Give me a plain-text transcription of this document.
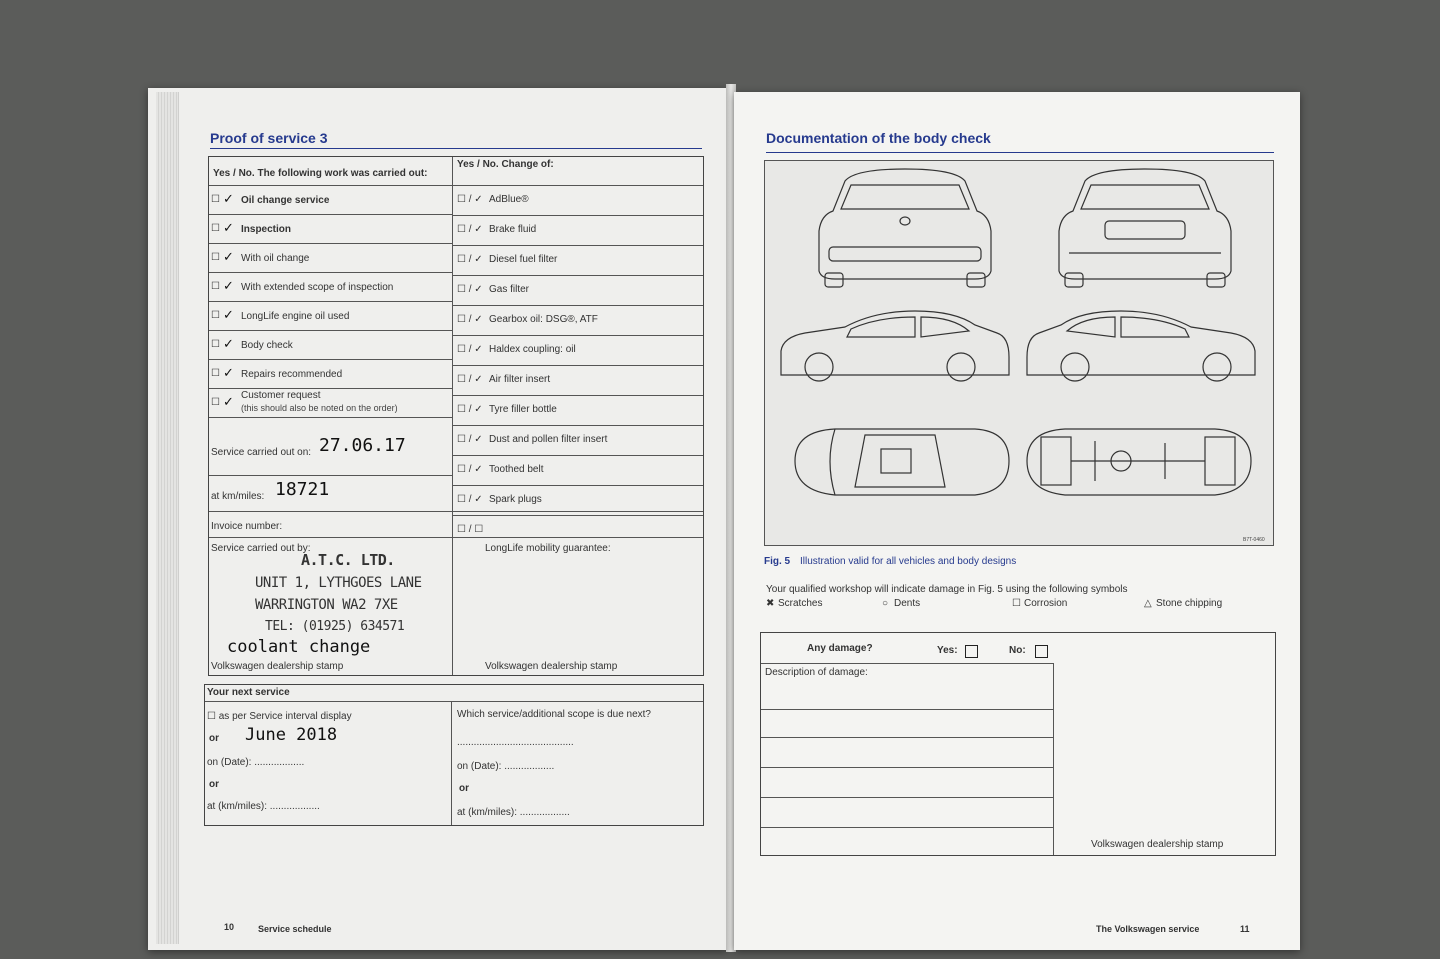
Proof of service 3
Yes / No. The following work was carried out:
Yes / No. Change of:
☐ ✓ Oil change service
☐ ✓ Inspection
☐ ✓ With oil change
☐ ✓ With extended scope of inspection
☐ ✓ LongLife engine oil used
☐ ✓ Body check
☐ ✓ Repairs recommended
☐ ✓ Customer request
(this should also be noted on the order)
☐ / ✓ AdBlue®
☐ / ✓ Brake fluid
☐ / ✓ Diesel fuel filter
☐ / ✓ Gas filter
☐ / ✓ Gearbox oil: DSG®, ATF
☐ / ✓ Haldex coupling: oil
☐ / ✓ Air filter insert
☐ / ✓ Tyre filler bottle
☐ / ✓ Dust and pollen filter insert
☐ / ✓ Toothed belt
☐ / ✓ Spark plugs
☐ / ☐
Service carried out on: 27.06.17
at km/miles: 18721
Invoice number:
Service carried out by:
A.T.C. LTD.
UNIT 1, LYTHGOES LANE
WARRINGTON WA2 7XE
TEL: (01925) 634571
coolant change
Volkswagen dealership stamp
LongLife mobility guarantee:
Volkswagen dealership stamp
Your next service
☐ as per Service interval display
or June 2018
on (Date): ..................
or
at (km/miles): ..................
Which service/additional scope is due next?
..........................................
on (Date): ..................
or
at (km/miles): ..................
10	Service schedule
Documentation of the body check
B7T-0460
Fig. 5 Illustration valid for all vehicles and body designs
Your qualified workshop will indicate damage in Fig. 5 using the following symbols
✖ Scratches	○ Dents	☐ Corrosion	△ Stone chipping
Any damage?	Yes:	No:
Description of damage:
Volkswagen dealership stamp
The Volkswagen service	11
